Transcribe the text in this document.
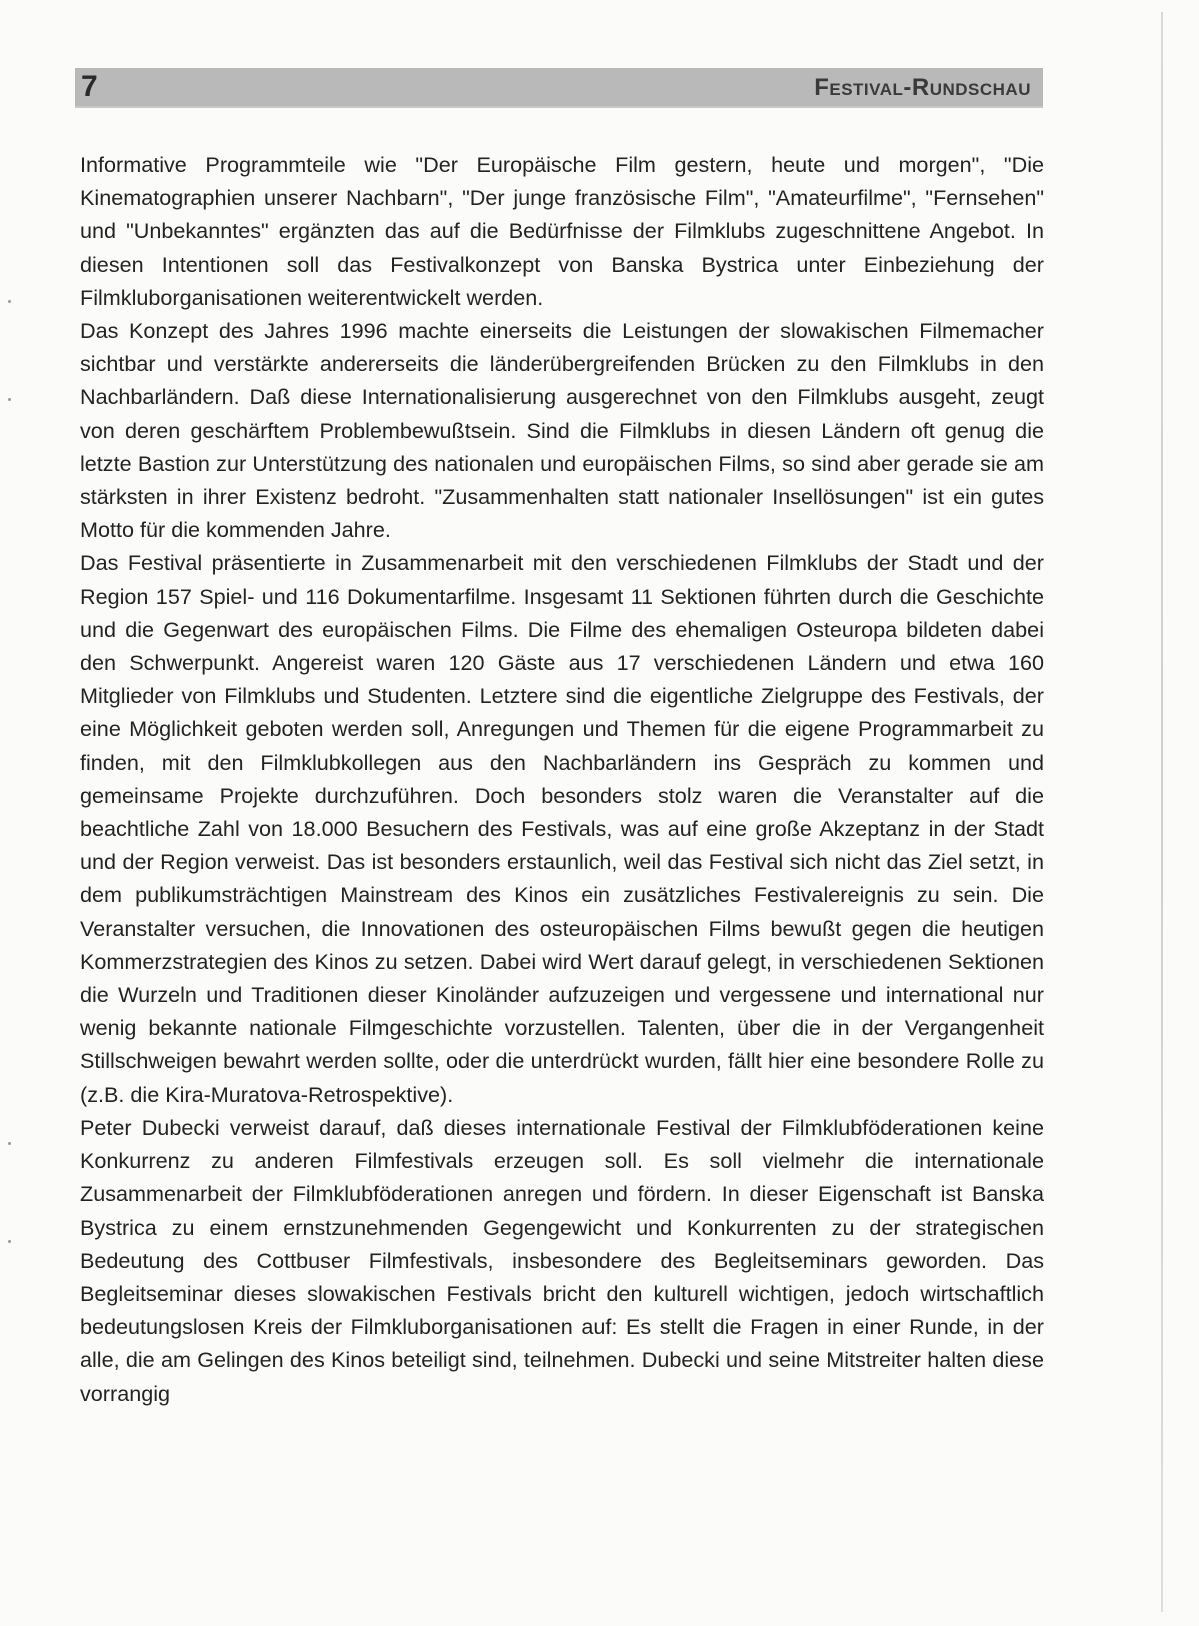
7	Festival-Rundschau

Informative Programmteile wie "Der Europäische Film gestern, heute und morgen", "Die Kinematographien unserer Nachbarn", "Der junge französische Film", "Amateurfilme", "Fernsehen" und "Unbekanntes" ergänzten das auf die Bedürfnisse der Filmklubs zugeschnittene Angebot. In diesen Intentionen soll das Festivalkonzept von Banska Bystrica unter Einbeziehung der Filmkluborganisationen weiterentwickelt werden.

Das Konzept des Jahres 1996 machte einerseits die Leistungen der slowakischen Filmemacher sichtbar und verstärkte andererseits die länderübergreifenden Brücken zu den Filmklubs in den Nachbarländern. Daß diese Internationalisierung ausgerechnet von den Filmklubs ausgeht, zeugt von deren geschärftem Problembewußtsein. Sind die Filmklubs in diesen Ländern oft genug die letzte Bastion zur Unterstützung des nationalen und europäischen Films, so sind aber gerade sie am stärksten in ihrer Existenz bedroht. "Zusammenhalten statt nationaler Insellösungen" ist ein gutes Motto für die kommenden Jahre.

Das Festival präsentierte in Zusammenarbeit mit den verschiedenen Filmklubs der Stadt und der Region 157 Spiel- und 116 Dokumentarfilme. Insgesamt 11 Sektionen führten durch die Geschichte und die Gegenwart des europäischen Films. Die Filme des ehemaligen Osteuropa bildeten dabei den Schwerpunkt. Angereist waren 120 Gäste aus 17 verschiedenen Ländern und etwa 160 Mitglieder von Filmklubs und Studenten. Letztere sind die eigentliche Zielgruppe des Festivals, der eine Möglichkeit geboten werden soll, Anregungen und Themen für die eigene Programmarbeit zu finden, mit den Filmklubkollegen aus den Nachbarländern ins Gespräch zu kommen und gemeinsame Projekte durchzuführen. Doch besonders stolz waren die Veranstalter auf die beachtliche Zahl von 18.000 Besuchern des Festivals, was auf eine große Akzeptanz in der Stadt und der Region verweist. Das ist besonders erstaunlich, weil das Festival sich nicht das Ziel setzt, in dem publikumsträchtigen Mainstream des Kinos ein zusätzliches Festivalereignis zu sein. Die Veranstalter versuchen, die Innovationen des osteuropäischen Films bewußt gegen die heutigen Kommerzstrategien des Kinos zu setzen. Dabei wird Wert darauf gelegt, in verschiedenen Sektionen die Wurzeln und Traditionen dieser Kinoländer aufzuzeigen und vergessene und international nur wenig bekannte nationale Filmgeschichte vorzustellen. Talenten, über die in der Vergangenheit Stillschweigen bewahrt werden sollte, oder die unterdrückt wurden, fällt hier eine besondere Rolle zu (z.B. die Kira-Muratova-Retrospektive).

Peter Dubecki verweist darauf, daß dieses internationale Festival der Filmklubföderationen keine Konkurrenz zu anderen Filmfestivals erzeugen soll. Es soll vielmehr die internationale Zusammenarbeit der Filmklubföderationen anregen und fördern. In dieser Eigenschaft ist Banska Bystrica zu einem ernstzunehmenden Gegengewicht und Konkurrenten zu der strategischen Bedeutung des Cottbuser Filmfestivals, insbesondere des Begleitseminars geworden. Das Begleitseminar dieses slowakischen Festivals bricht den kulturell wichtigen, jedoch wirtschaftlich bedeutungslosen Kreis der Filmkluborganisationen auf: Es stellt die Fragen in einer Runde, in der alle, die am Gelingen des Kinos beteiligt sind, teilnehmen. Dubecki und seine Mitstreiter halten diese vorrangig
